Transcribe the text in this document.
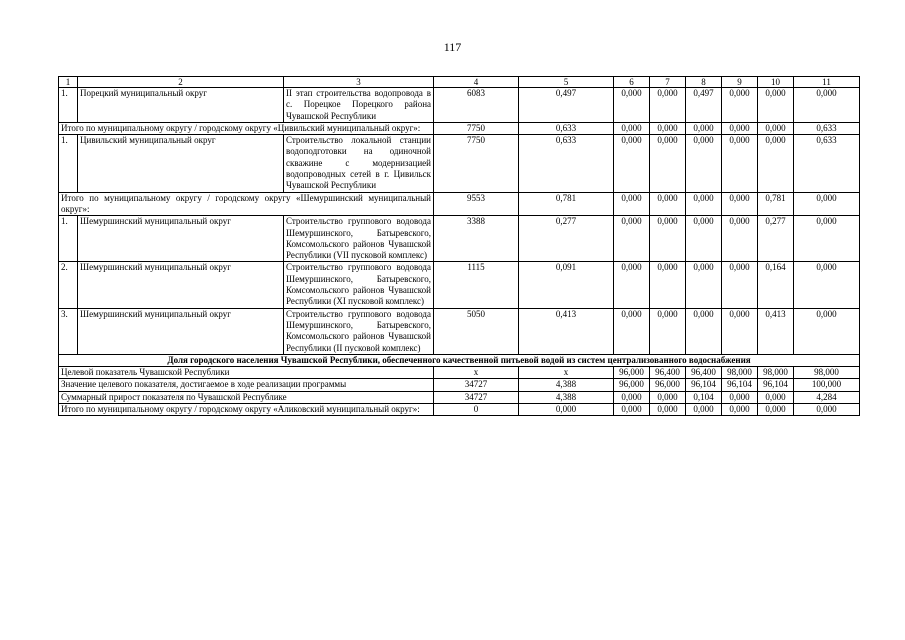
117
1	2	3	4	5	6	7	8	9	10	11
1.	Порецкий муниципальный округ	II этап строительства водопровода в с. Порецкое Порецкого района Чувашской Республики	6083	0,497	0,000	0,000	0,497	0,000	0,000	0,000
Итого по муниципальному округу / городскому округу «Цивильский муниципальный округ»:			7750	0,633	0,000	0,000	0,000	0,000	0,000	0,633
1.	Цивильский муниципальный округ	Строительство локальной станции водоподготовки на одиночной скважине с модернизацией водопроводных сетей в г. Цивильск Чувашской Республики	7750	0,633	0,000	0,000	0,000	0,000	0,000	0,633
Итого по муниципальному округу / городскому округу «Шемуршинский муниципальный округ»:			9553	0,781	0,000	0,000	0,000	0,000	0,781	0,000
1.	Шемуршинский муниципальный округ	Строительство группового водовода Шемуршинского, Батыревского, Комсомольского районов Чувашской Республики (VII пусковой комплекс)	3388	0,277	0,000	0,000	0,000	0,000	0,277	0,000
2.	Шемуршинский муниципальный округ	Строительство группового водовода Шемуршинского, Батыревского, Комсомольского районов Чувашской Республики (XI пусковой комплекс)	1115	0,091	0,000	0,000	0,000	0,000	0,164	0,000
3.	Шемуршинский муниципальный округ	Строительство группового водовода Шемуршинского, Батыревского, Комсомольского районов Чувашской Республики (II пусковой комплекс)	5050	0,413	0,000	0,000	0,000	0,000	0,413	0,000
Доля городского населения Чувашской Республики, обеспеченного качественной питьевой водой из систем централизованного водоснабжения										
Целевой показатель Чувашской Республики			x	x	96,000	96,400	96,400	98,000	98,000	98,000
Значение целевого показателя, достигаемое в ходе реализации программы			34727	4,388	96,000	96,000	96,104	96,104	96,104	100,000
Суммарный прирост показателя по Чувашской Республике			34727	4,388	0,000	0,000	0,104	0,000	0,000	4,284
Итого по муниципальному округу / городскому округу «Аликовский муниципальный округ»:			0	0,000	0,000	0,000	0,000	0,000	0,000	0,000
